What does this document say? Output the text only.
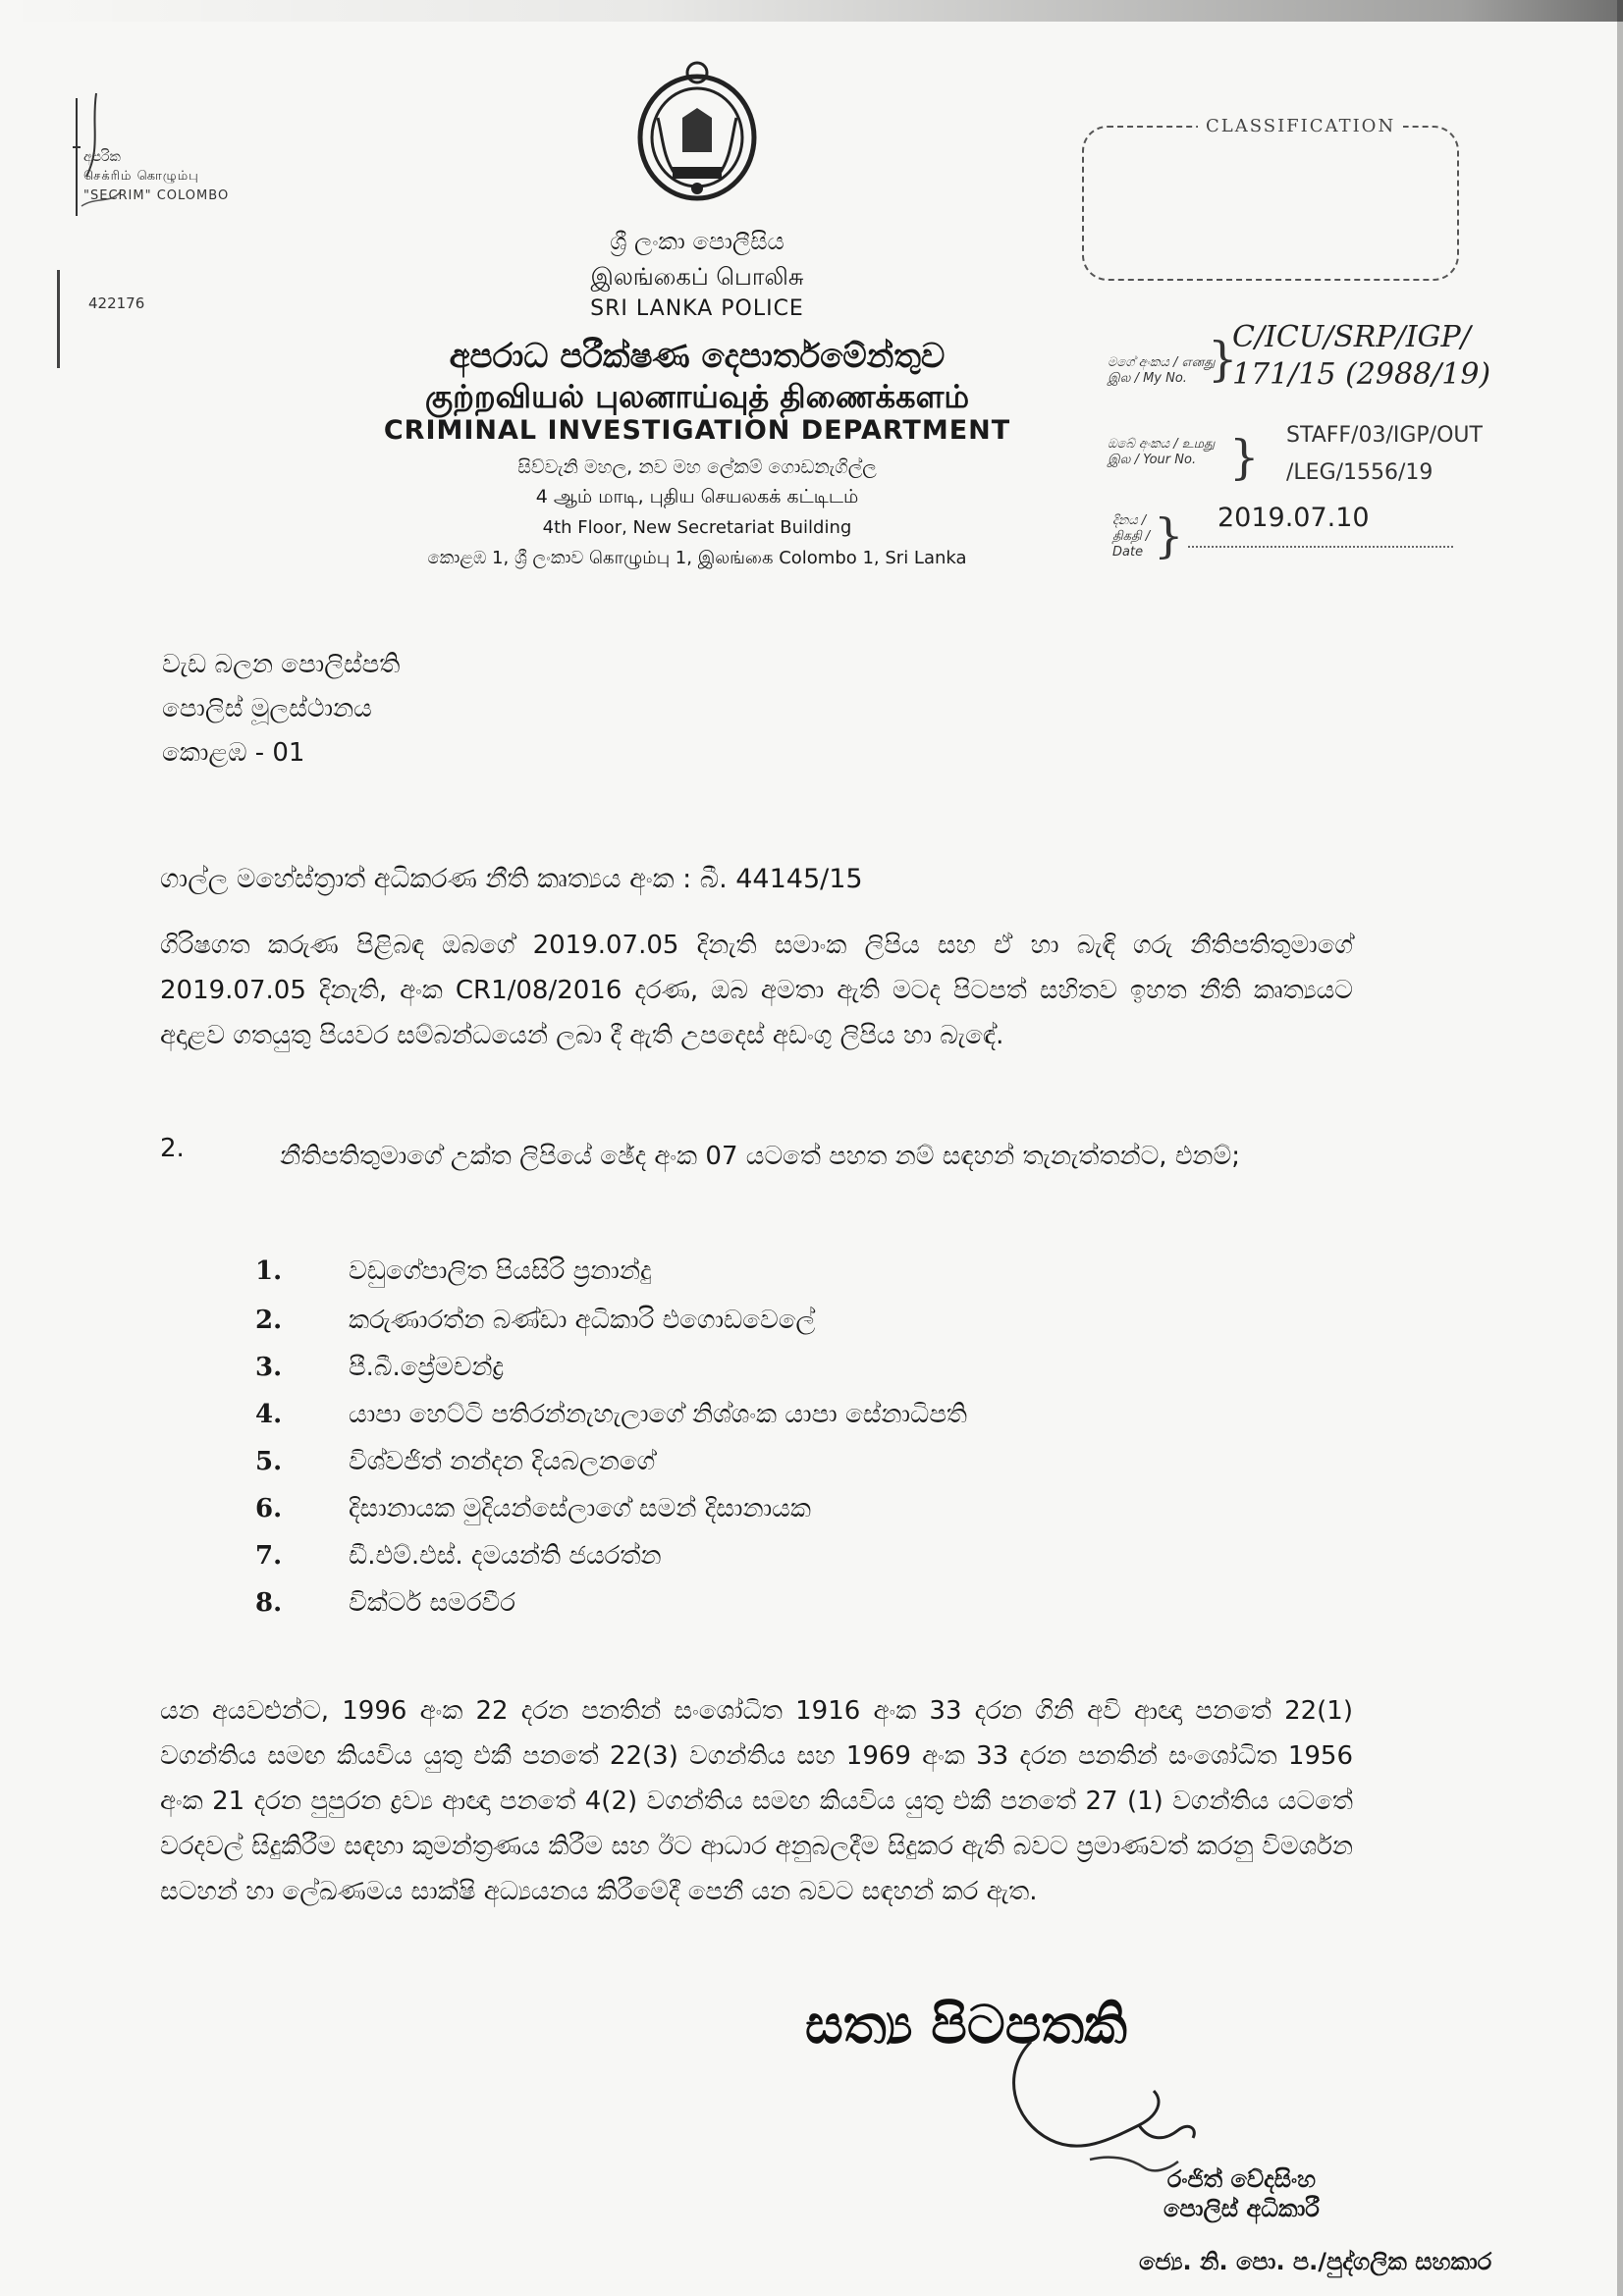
අපරික
செக்ரிம் கொழும்பு
"SECRIM" COLOMBO
422176
CLASSIFICATION
ශ්‍රී ලංකා පොලීසිය
இலங்கைப் பொலிசு
SRI LANKA POLICE
අපරාධ පරීක්ෂණ දෙපාර්තමේන්තුව
குற்றவியல் புலனாய்வுத் திணைக்களம்
CRIMINAL INVESTIGATION DEPARTMENT
සිව්වැනි මහල, නව මහ ලේකම් ගොඩනැගිල්ල
4 ஆம் மாடி, புதிய செயலகக் கட்டிடம்
4th Floor, New Secretariat Building
කොළඹ 1, ශ්‍රී ලංකාව கொழும்பு 1, இலங்கை Colombo 1, Sri Lanka
මගේ අංකය / எனது இல / My No. }
C/ICU/SRP/IGP/
171/15 (2988/19)
ඔබේ අංකය / உமது இல / Your No. } STAFF/03/IGP/OUT
/LEG/1556/19
දිනය / திகதி / Date } 2019.07.10
වැඩ බලන පොලිස්පති
පොලිස් මූලස්ථානය
කොළඹ - 01
ගාල්ල මහේස්ත්‍රාත් අධිකරණ නීති කෘත්‍යය අංක : බී. 44145/15
ගිරිෂගත කරුණ පිළිබඳ ඔබගේ 2019.07.05 දිනැති සමාංක ලිපිය සහ ඒ හා බැඳි ගරු නීතිපතිතුමාගේ 2019.07.05 දිනැති, අංක CR1/08/2016 දරණ, ඔබ අමතා ඇති මටද පිටපත් සහිතව ඉහත නීති කෘත්‍යයට අදාළව ගතයුතු පියවර සම්බන්ධයෙන් ලබා දී ඇති උපදෙස් අඩංගු ලිපිය හා බැඳේ.
2.	නීතිපතිතුමාගේ උක්ත ලිපියේ ඡේද අංක 07 යටතේ පහත නම් සඳහන් තැනැත්තන්ට, එනම්;
1.	වඩුගේපාලිත පියසිරි ප්‍රනාන්දු
2.	කරුණාරත්න බණ්ඩා අධිකාරි එගොඩවෙලේ
3.	පී.බී.ප්‍රේමචන්ද්‍ර
4.	යාපා හෙට්ටි පතිරන්නැහැලාගේ නිශ්ශංක යාපා සේනාධිපති
5.	විශ්වජිත් නන්දන දියබලනගේ
6.	දිසානායක මුදියන්සේලාගේ සමන් දිසානායක
7.	ඩී.එම්.එස්. දමයන්ති ජයරත්න
8.	වික්ටර් සමරවීර
යන අයවළුන්ට, 1996 අංක 22 දරන පනතින් සංශෝධිත 1916 අංක 33 දරන ගිනි අවි ආඥා පනතේ 22(1) වගන්තිය සමඟ කියවිය යුතු එකී පනතේ 22(3) වගන්තිය සහ 1969 අංක 33 දරන පනතින් සංශෝධිත 1956 අංක 21 දරන පුපුරන ද්‍රව්‍ය ආඥා පනතේ 4(2) වගන්තිය සමඟ කියවිය යුතු එකී පනතේ 27 (1) වගන්තිය යටතේ වරදවල් සිදුකිරීම සඳහා කුමන්ත්‍රණය කිරීම සහ ඊට ආධාර අනුබලදීම සිදුකර ඇති බවට ප්‍රමාණවත් කරනු විමර්ශන සටහන් හා ලේඛණමය සාක්ෂි අධ්‍යයනය කිරීමේදී පෙනී යන බවට සඳහන් කර ඇත.
සත්‍ය පිටපතකි
රංජිත් වේදසිංහ
පොලිස් අධිකාරී
ජ්‍යෙ. නි. පො. ප./පුද්ගලික සහකාර
